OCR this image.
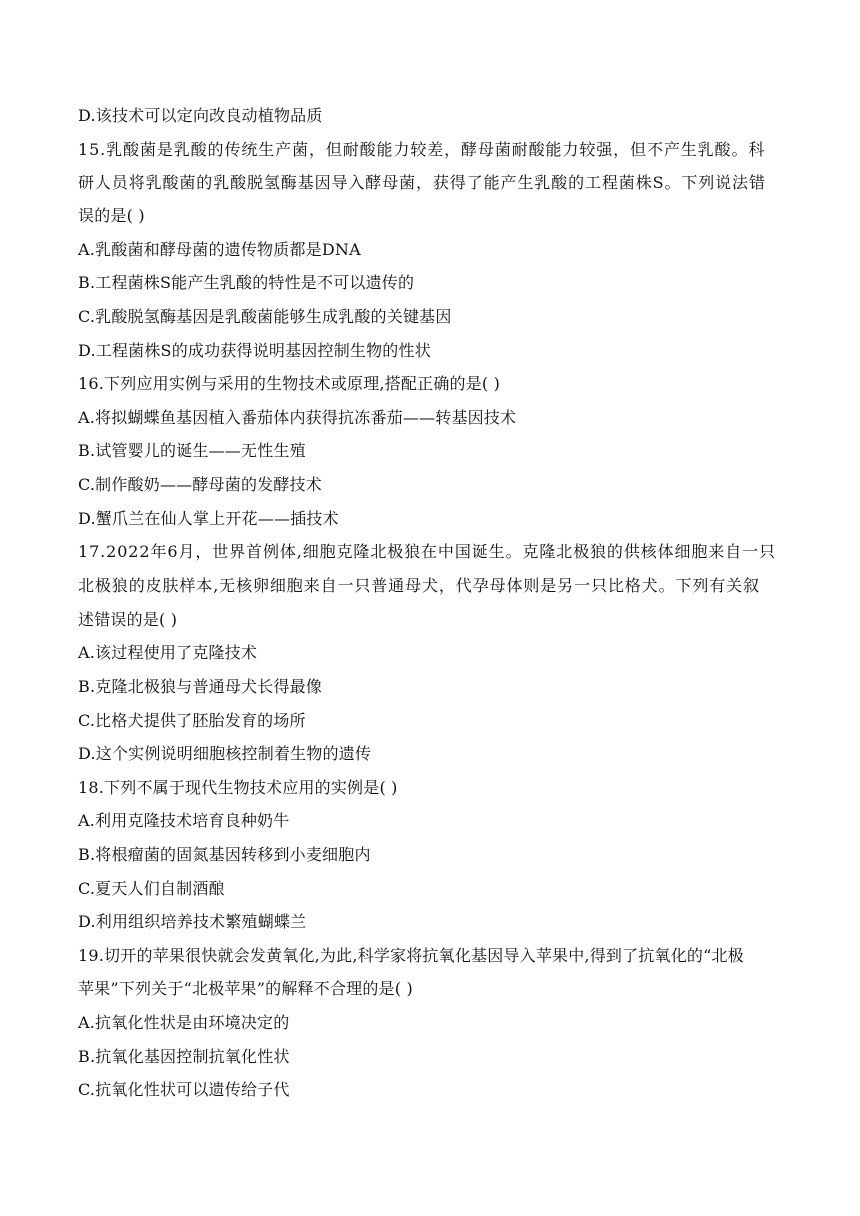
D.该技术可以定向改良动植物品质
15.乳酸菌是乳酸的传统生产菌，但耐酸能力较差，酵母菌耐酸能力较强，但不产生乳酸。科
研人员将乳酸菌的乳酸脱氢酶基因导入酵母菌，获得了能产生乳酸的工程菌株S。下列说法错
误的是( )
A.乳酸菌和酵母菌的遗传物质都是DNA
B.工程菌株S能产生乳酸的特性是不可以遗传的
C.乳酸脱氢酶基因是乳酸菌能够生成乳酸的关键基因
D.工程菌株S的成功获得说明基因控制生物的性状
16.下列应用实例与采用的生物技术或原理,搭配正确的是( )
A.将拟蝴蝶鱼基因植入番茄体内获得抗冻番茄——转基因技术
B.试管婴儿的诞生——无性生殖
C.制作酸奶——酵母菌的发酵技术
D.蟹爪兰在仙人掌上开花——插技术
17.2022年6月，世界首例体,细胞克隆北极狼在中国诞生。克隆北极狼的供核体细胞来自一只
北极狼的皮肤样本,无核卵细胞来自一只普通母犬，代孕母体则是另一只比格犬。下列有关叙
述错误的是( )
A.该过程使用了克隆技术
B.克隆北极狼与普通母犬长得最像
C.比格犬提供了胚胎发育的场所
D.这个实例说明细胞核控制着生物的遗传
18.下列不属于现代生物技术应用的实例是( )
A.利用克隆技术培育良种奶牛
B.将根瘤菌的固氮基因转移到小麦细胞内
C.夏天人们自制酒酿
D.利用组织培养技术繁殖蝴蝶兰
19.切开的苹果很快就会发黄氧化,为此,科学家将抗氧化基因导入苹果中,得到了抗氧化的“北极
苹果”下列关于“北极苹果”的解释不合理的是( )
A.抗氧化性状是由环境决定的
B.抗氧化基因控制抗氧化性状
C.抗氧化性状可以遗传给子代
